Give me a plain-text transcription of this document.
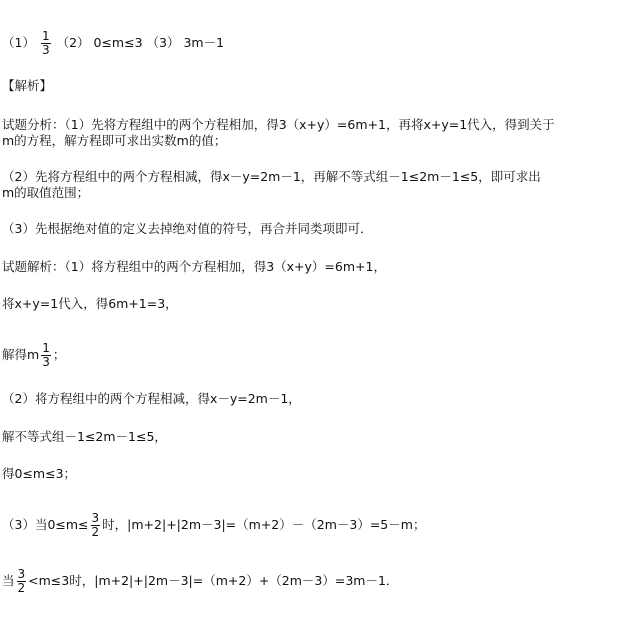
$(1) \frac{1}{3} (2)$ 0≤m≤3 （3） 3m－1
【解析】
试题分析：（1）先将方程组中的两个方程相加，得3（x+y）=6m+1，再将x+y=1代入，得到关于
m的方程，解方程即可求出实数m的值；
（2）先将方程组中的两个方程相减，得x－y=2m－1，再解不等式组－1≤2m－1≤5，即可求出
m的取值范围；
（3）先根据绝对值的定义去掉绝对值的符号，再合并同类项即可．
试题解析：（1）将方程组中的两个方程相加，得3（x+y）=6m+1，
将x+y=1代入，得6m+1=3，
解得m $\frac{1}{3}$ ；
（2）将方程组中的两个方程相减，得x－y=2m－1，
解不等式组－1≤2m－1≤5，
得0≤m≤3；
（3）当$0\le m\le \frac{3}{2}$ 时，|m+2|+|2m－3|=（m+2）－（2m－3）=5－m；
当 $\frac{3}{2} <m\le 3$时，|m+2|+|2m－3|=（m+2）+（2m－3）=3m－1．
